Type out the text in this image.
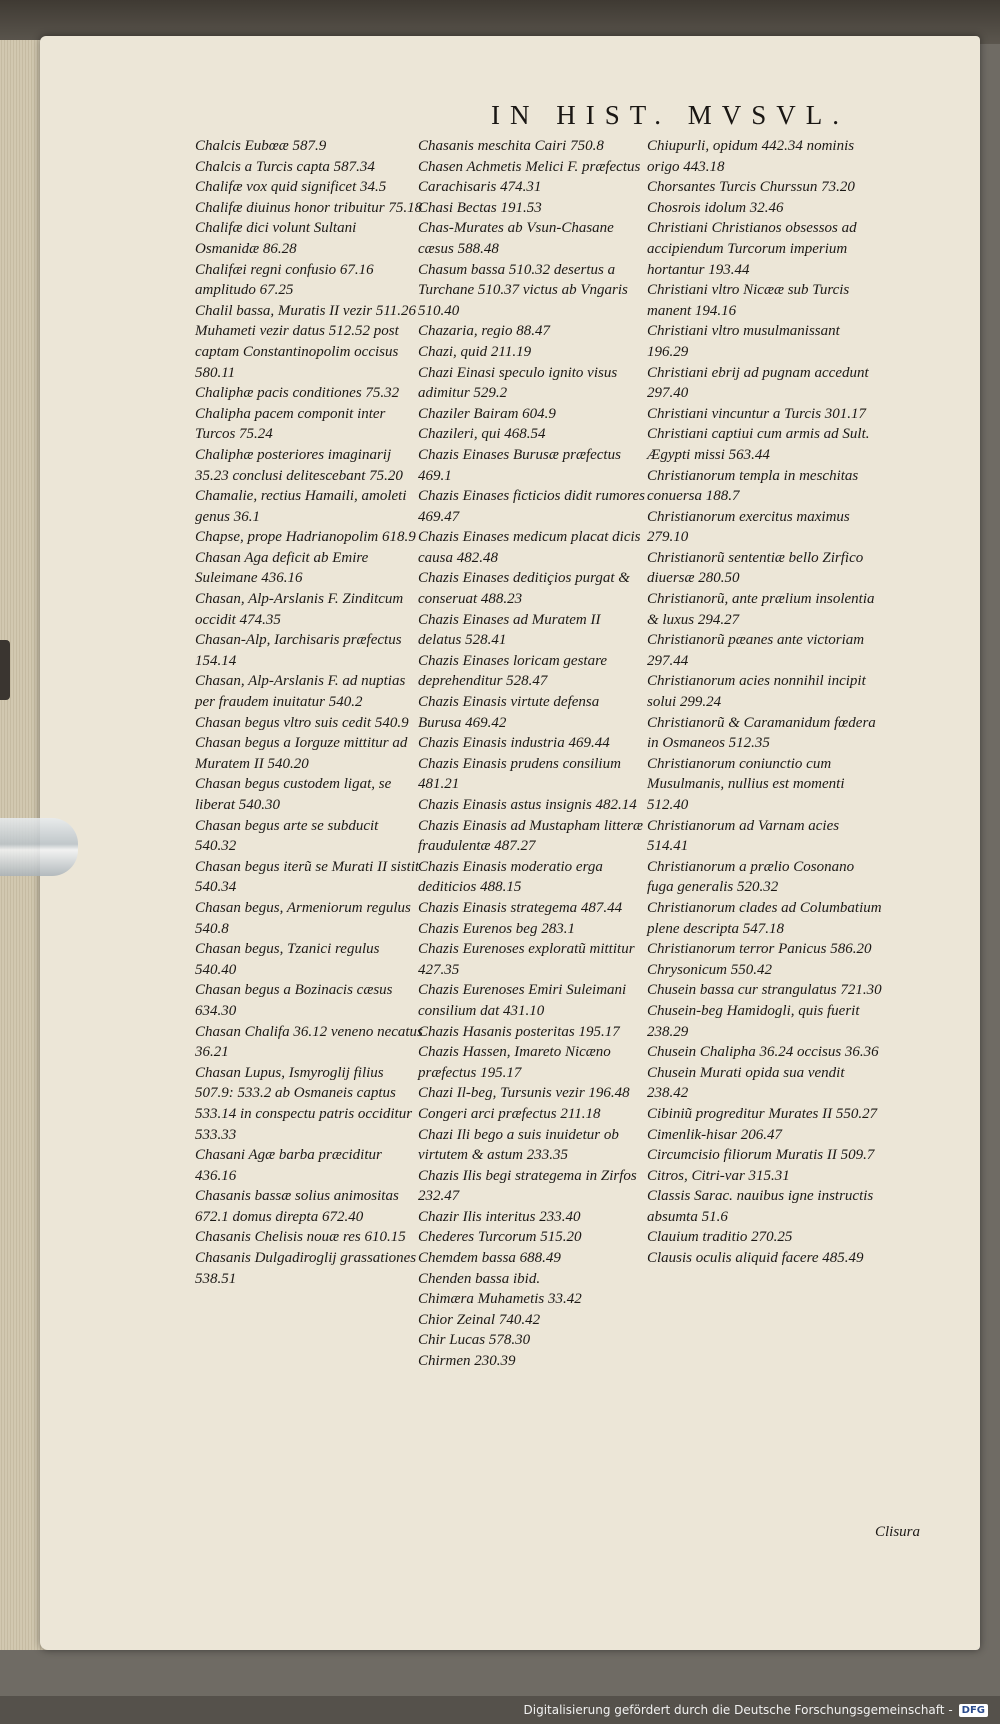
IN HIST. MVSVL.

Chalcis Eubœæ 587.9

Chalcis a Turcis capta 587.34

Chalifæ vox quid significet 34.5

Chalifæ diuinus honor tribuitur 75.18

Chalifæ dici volunt Sultani Osmanidæ 86.28

Chalifæi regni confusio 67.16 amplitudo 67.25

Chalil bassa, Muratis II vezir 511.26 Muhameti vezir datus 512.52 post captam Constantinopolim occisus 580.11

Chaliphæ pacis conditiones 75.32

Chalipha pacem componit inter Turcos 75.24

Chaliphæ posteriores imaginarij 35.23 conclusi delitescebant 75.20

Chamalie, rectius Hamaili, amoleti genus 36.1

Chapse, prope Hadrianopolim 618.9

Chasan Aga deficit ab Emire Suleimane 436.16

Chasan, Alp-Arslanis F. Zinditcum occidit 474.35

Chasan-Alp, Iarchisaris præfectus 154.14

Chasan, Alp-Arslanis F. ad nuptias per fraudem inuitatur 540.2

Chasan begus vltro suis cedit 540.9

Chasan begus a Iorguze mittitur ad Muratem II 540.20

Chasan begus custodem ligat, se liberat 540.30

Chasan begus arte se subducit 540.32

Chasan begus iterũ se Murati II sistit 540.34

Chasan begus, Armeniorum regulus 540.8

Chasan begus, Tzanici regulus 540.40

Chasan begus a Bozinacis cæsus 634.30

Chasan Chalifa 36.12 veneno necatus 36.21

Chasan Lupus, Ismyroglij filius 507.9: 533.2 ab Osmaneis captus 533.14 in conspectu patris occiditur 533.33

Chasani Agæ barba præciditur 436.16

Chasanis bassæ solius animositas 672.1 domus direpta 672.40

Chasanis Chelisis nouæ res 610.15

Chasanis Dulgadiroglij grassationes 538.51

Chasanis meschita Cairi 750.8

Chasen Achmetis Melici F. præfectus Carachisaris 474.31

Chasi Bectas 191.53

Chas-Murates ab Vsun-Chasane cæsus 588.48

Chasum bassa 510.32 desertus a Turchane 510.37 victus ab Vngaris 510.40

Chazaria, regio 88.47

Chazi, quid 211.19

Chazi Einasi speculo ignito visus adimitur 529.2

Chaziler Bairam 604.9

Chazileri, qui 468.54

Chazis Einases Burusæ præfectus 469.1

Chazis Einases ficticios didit rumores 469.47

Chazis Einases medicum placat dicis causa 482.48

Chazis Einases deditiçios purgat & conseruat 488.23

Chazis Einases ad Muratem II delatus 528.41

Chazis Einases loricam gestare deprehenditur 528.47

Chazis Einasis virtute defensa Burusa 469.42

Chazis Einasis industria 469.44

Chazis Einasis prudens consilium 481.21

Chazis Einasis astus insignis 482.14

Chazis Einasis ad Mustapham litteræ fraudulentæ 487.27

Chazis Einasis moderatio erga dediticios 488.15

Chazis Einasis strategema 487.44

Chazis Eurenos beg 283.1

Chazis Eurenoses exploratũ mittitur 427.35

Chazis Eurenoses Emiri Suleimani consilium dat 431.10

Chazis Hasanis posteritas 195.17

Chazis Hassen, Imareto Nicæno præfectus 195.17

Chazi Il-beg, Tursunis vezir 196.48 Congeri arci præfectus 211.18

Chazi Ili bego a suis inuidetur ob virtutem & astum 233.35

Chazis Ilis begi strategema in Zirfos 232.47

Chazir Ilis interitus 233.40

Chederes Turcorum 515.20

Chemdem bassa 688.49

Chenden bassa ibid.

Chimæra Muhametis 33.42

Chior Zeinal 740.42

Chir Lucas 578.30

Chirmen 230.39

Chiupurli, opidum 442.34 nominis origo 443.18

Chorsantes Turcis Churssun 73.20

Chosrois idolum 32.46

Christiani Christianos obsessos ad accipiendum Turcorum imperium hortantur 193.44

Christiani vltro Nicææ sub Turcis manent 194.16

Christiani vltro musulmanissant 196.29

Christiani ebrij ad pugnam accedunt 297.40

Christiani vincuntur a Turcis 301.17

Christiani captiui cum armis ad Sult. Ægypti missi 563.44

Christianorum templa in meschitas conuersa 188.7

Christianorum exercitus maximus 279.10

Christianorũ sententiæ bello Zirfico diuersæ 280.50

Christianorũ, ante prælium insolentia & luxus 294.27

Christianorũ pæanes ante victoriam 297.44

Christianorum acies nonnihil incipit solui 299.24

Christianorũ & Caramanidum fœdera in Osmaneos 512.35

Christianorum coniunctio cum Musulmanis, nullius est momenti 512.40

Christianorum ad Varnam acies 514.41

Christianorum a prælio Cosonano fuga generalis 520.32

Christianorum clades ad Columbatium plene descripta 547.18

Christianorum terror Panicus 586.20

Chrysonicum 550.42

Chusein bassa cur strangulatus 721.30

Chusein-beg Hamidogli, quis fuerit 238.29

Chusein Chalipha 36.24 occisus 36.36

Chusein Murati opida sua vendit 238.42

Cibiniũ progreditur Murates II 550.27

Cimenlik-hisar 206.47

Circumcisio filiorum Muratis II 509.7

Citros, Citri-var 315.31

Classis Sarac. nauibus igne instructis absumta 51.6

Clauium traditio 270.25

Clausis oculis aliquid facere 485.49

Clisura
Digitalisierung gefördert durch die Deutsche Forschungsgemeinschaft - DFG
